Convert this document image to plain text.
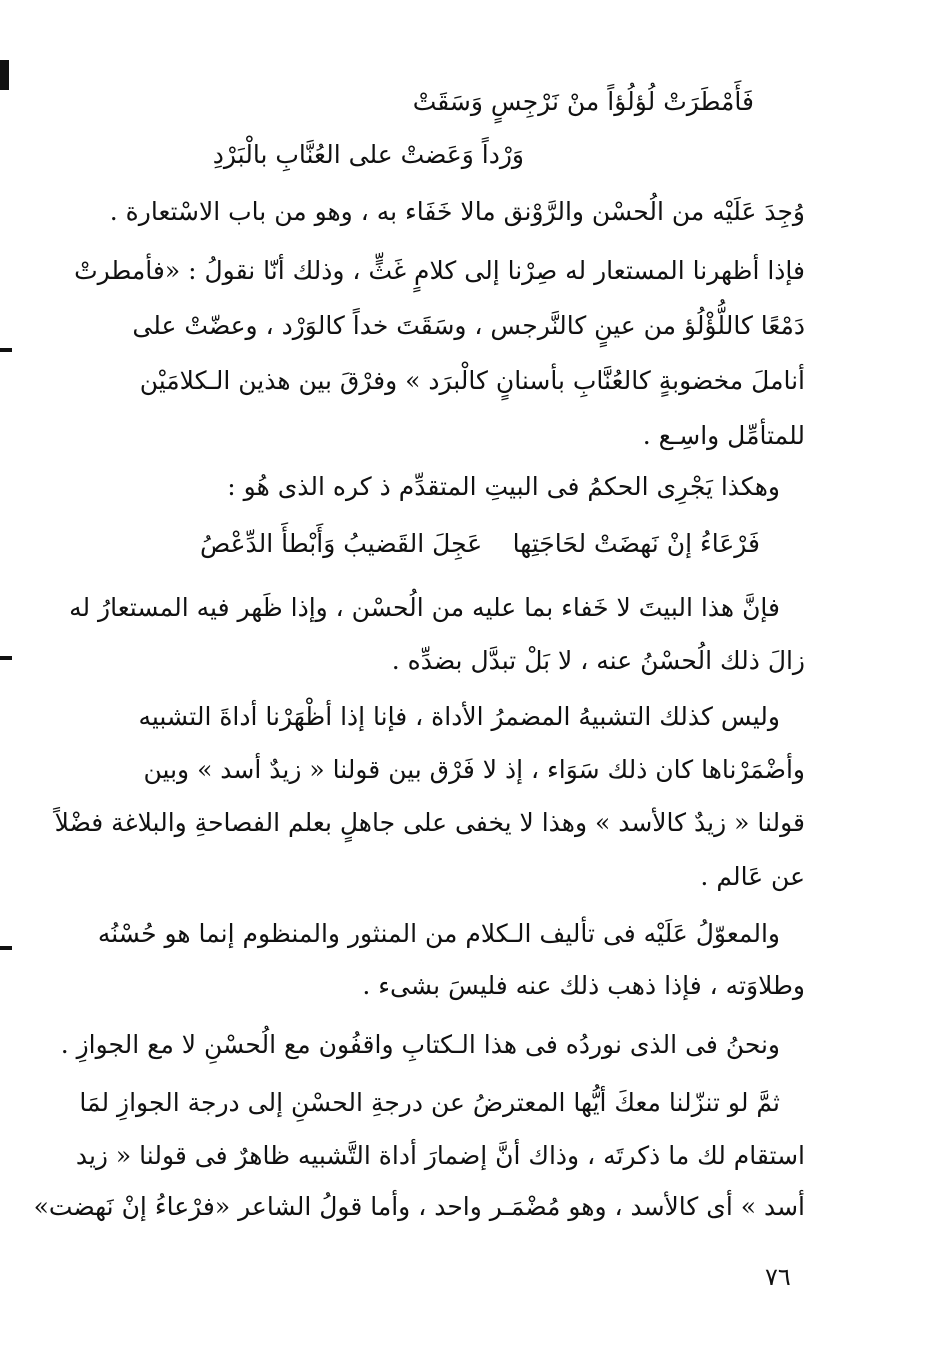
فَأَمْطَرَتْ لُؤلُؤاً منْ نَرْجِسٍ وَسَقَتْ
وَرْداً وَعَضتْ على العُنَّابِ بالْبَرْدِ
وُجِدَ عَلَيْه من الُحسْن والرَّوْنق مالا خَفَاء به ، وهو من باب الاسْتعارة .
فإذا أظهرنا المستعار له صِرْنا إلى كلامٍ غَثٍّ ، وذلك أنّا نقولُ : «فأمطرتْ
دَمْعًا كاللُّؤْلُؤ من عينٍ كالنَّرجس ، وسَقَتَ خداً كالوَرْد ، وعضّتْ على
أناملَ مخضوبةٍ كالعُنَّابِ بأسنانٍ كالْبرَد » وفرْقَ بين هذين الـكلامَيْن
للمتأمِّل واسِـع .
وهكذا يَجْرِى الحكمُ فى البيتِ المتقدِّم ذ كره الذى هُو :
فَرْعَاءُ إنْ نَهضَتْ لحَاجَتِها
عَجِلَ القَضيبُ وَأَبْطأَ الدِّعْصُ
فإنَّ هذا البيتَ لا خَفاء بما عليه من الُحسْن ، وإذا ظَهر فيه المستعارُ له
زالَ ذلك الُحسْنُ عنه ، لا بَلْ تبدَّل بضدِّه .
وليس كذلك التشبيهُ المضمرُ الأداة ، فإنا إذا أظْهَرْنا أداةَ التشبيه
وأضْمَرْناها كان ذلك سَوَاء ، إذ لا فَرْق بين قولنا « زيدٌ أسد » وبين
قولنا « زيدٌ كالأسد » وهذا لا يخفى على جاهلٍ بعلم الفصاحةِ والبلاغة فضْلاً
عن عَالم .
والمعوّلُ عَلَيْه فى تأليف الـكلام من المنثور والمنظوم إنما هو حُسْنُه
وطلاوَته ، فإذا ذهب ذلك عنه فليسَ بشىء .
ونحنُ فى الذى نوردُه فى هذا الـكتابِ واقفُون مع الُحسْنِ لا مع الجوازِ .
ثمَّ لو تنزّلنا معكَ أيُّها المعترضُ عن درجةِ الحسْنِ إلى درجة الجوازِ لمَا
استقام لك ما ذكرتَه ، وذاك أنَّ إضمارَ أداة التَّشبيه ظاهرٌ فى قولنا « زيد
أسد » أى كالأسد ، وهو مُضْمَـر واحد ، وأما قولُ الشاعر «فرْعاءُ إنْ نَهضت»
٧٦
